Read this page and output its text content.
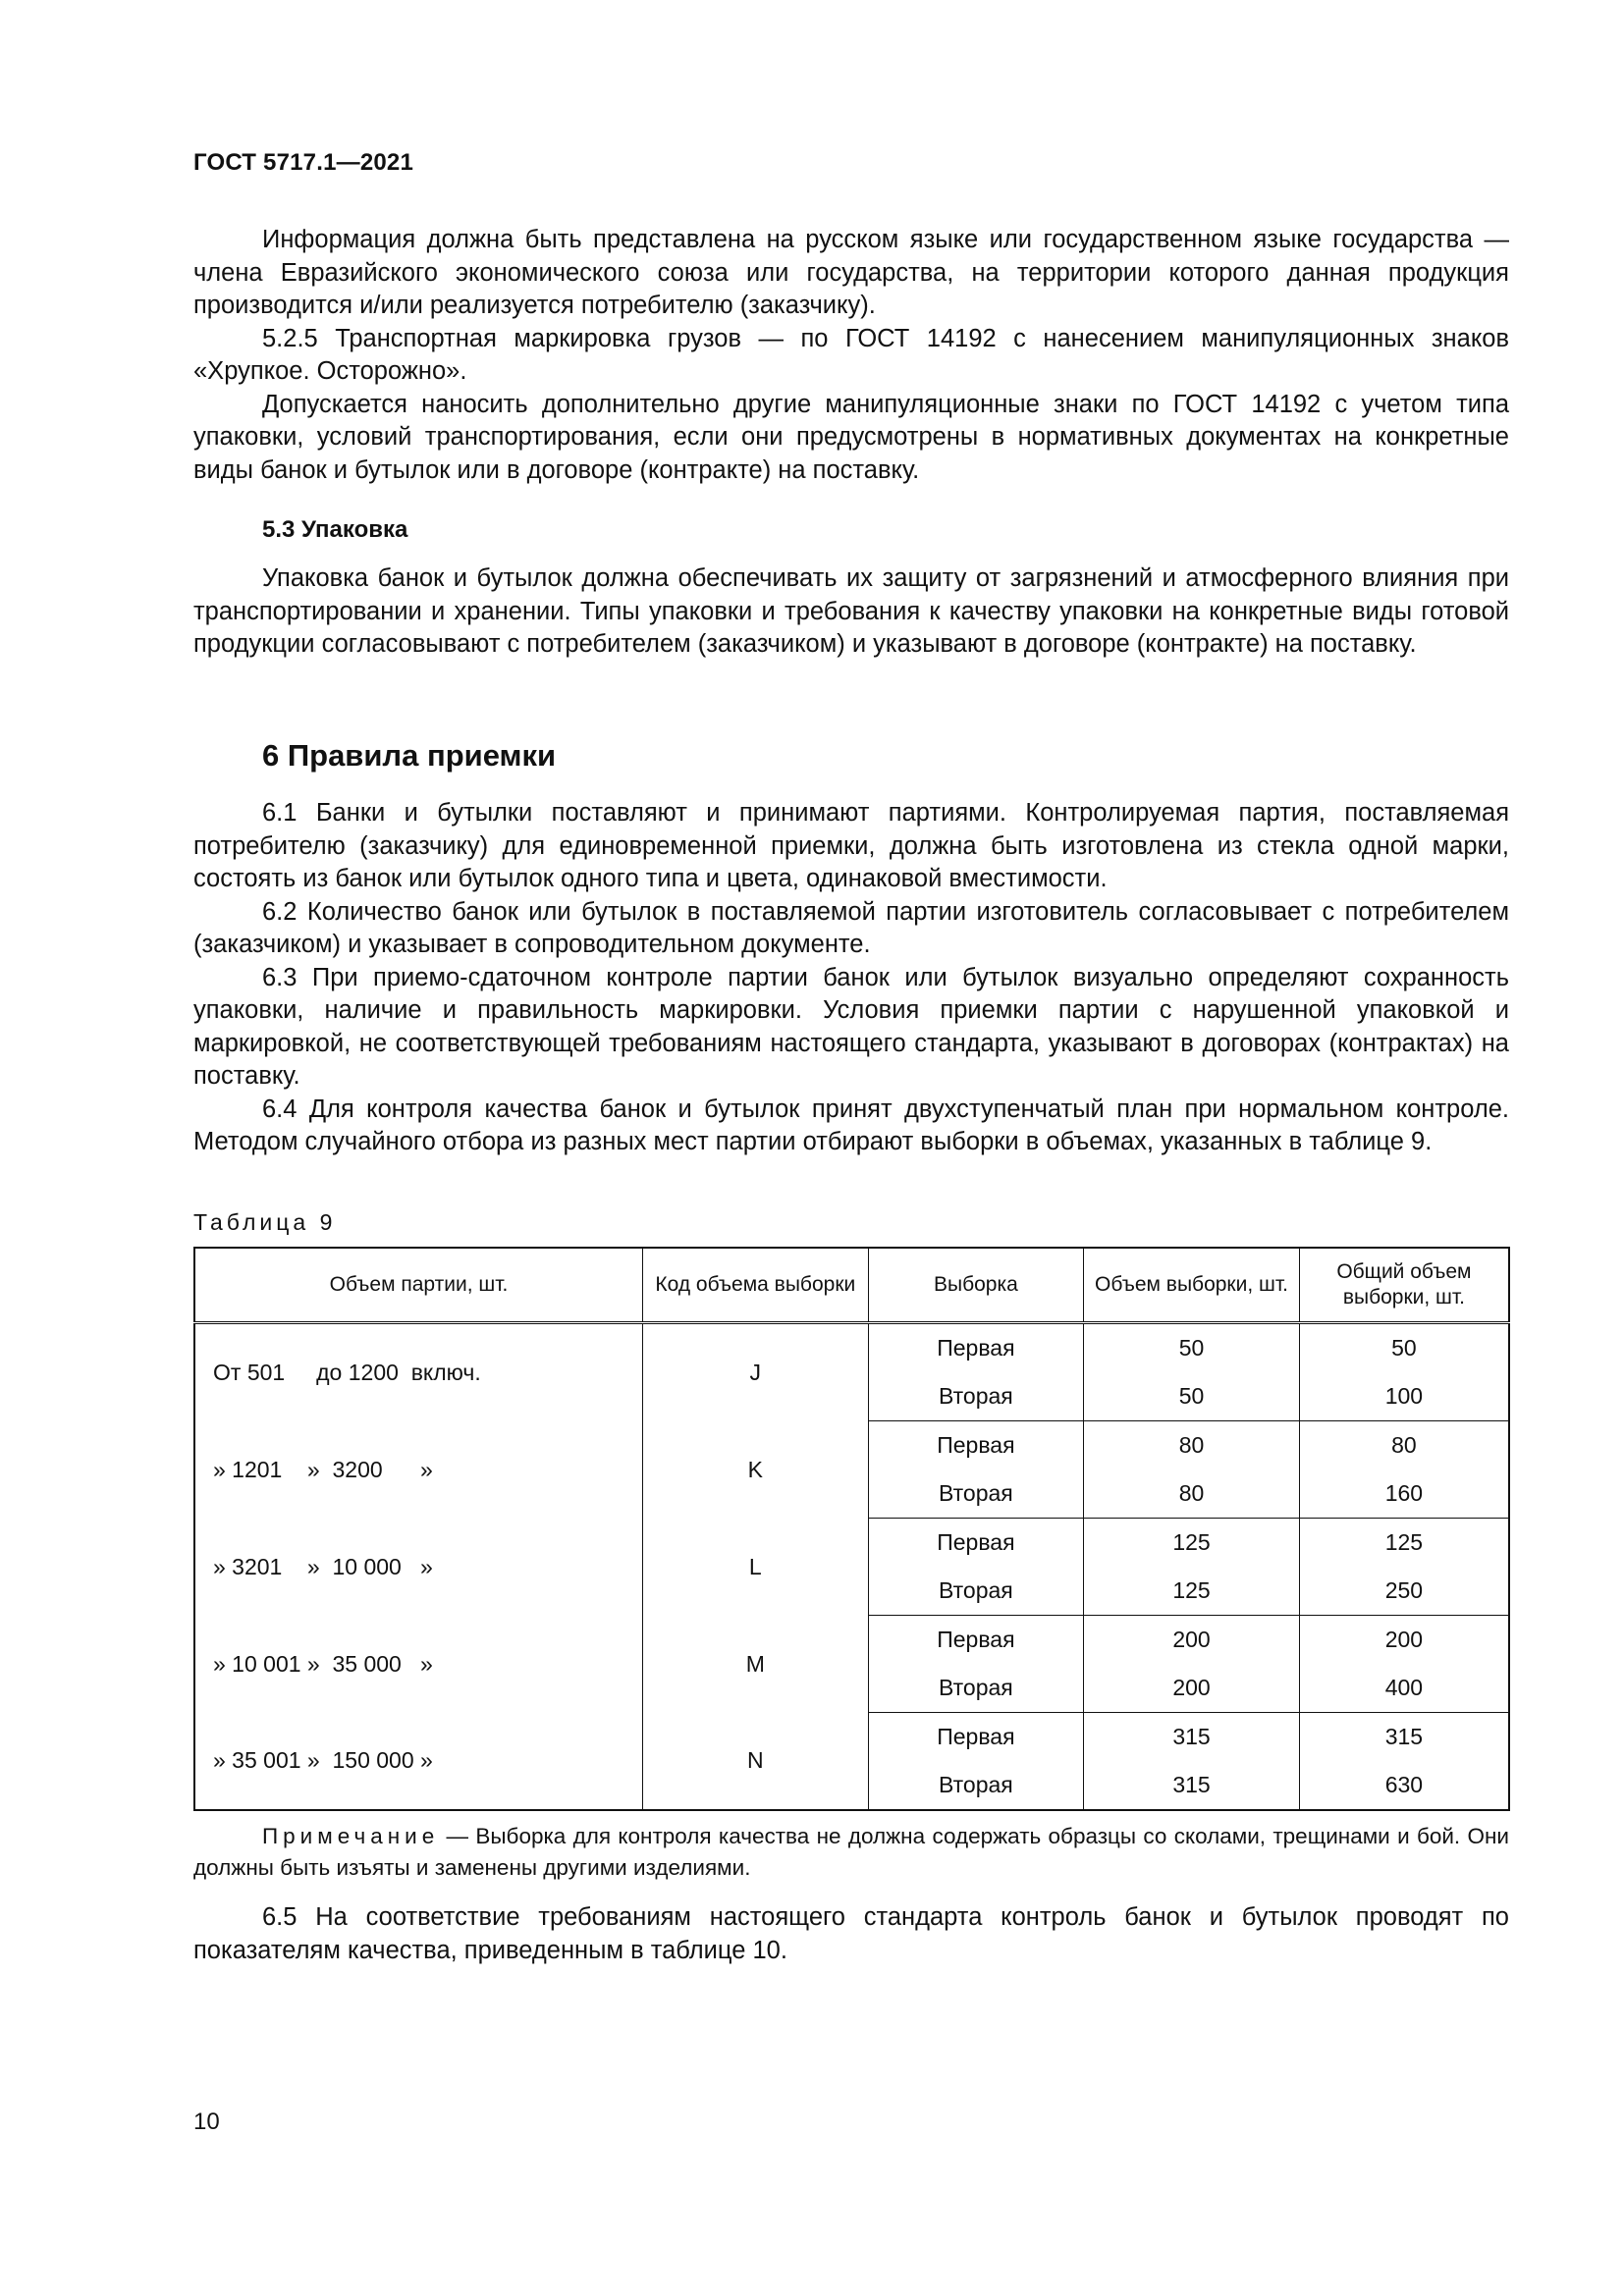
ГОСТ 5717.1—2021

Информация должна быть представлена на русском языке или государственном языке государства — члена Евразийского экономического союза или государства, на территории которого данная продукция производится и/или реализуется потребителю (заказчику).

5.2.5 Транспортная маркировка грузов — по ГОСТ 14192 с нанесением манипуляционных знаков «Хрупкое. Осторожно».

Допускается наносить дополнительно другие манипуляционные знаки по ГОСТ 14192 с учетом типа упаковки, условий транспортирования, если они предусмотрены в нормативных документах на конкретные виды банок и бутылок или в договоре (контракте) на поставку.

5.3 Упаковка

Упаковка банок и бутылок должна обеспечивать их защиту от загрязнений и атмосферного влияния при транспортировании и хранении. Типы упаковки и требования к качеству упаковки на конкретные виды готовой продукции согласовывают с потребителем (заказчиком) и указывают в договоре (контракте) на поставку.

6 Правила приемки

6.1 Банки и бутылки поставляют и принимают партиями. Контролируемая партия, поставляемая потребителю (заказчику) для единовременной приемки, должна быть изготовлена из стекла одной марки, состоять из банок или бутылок одного типа и цвета, одинаковой вместимости.

6.2 Количество банок или бутылок в поставляемой партии изготовитель согласовывает с потребителем (заказчиком) и указывает в сопроводительном документе.

6.3 При приемо-сдаточном контроле партии банок или бутылок визуально определяют сохранность упаковки, наличие и правильность маркировки. Условия приемки партии с нарушенной упаковкой и маркировкой, не соответствующей требованиям настоящего стандарта, указывают в договорах (контрактах) на поставку.

6.4 Для контроля качества банок и бутылок принят двухступенчатый план при нормальном контроле. Методом случайного отбора из разных мест партии отбирают выборки в объемах, указанных в таблице 9.

Таблица 9
Объем партии, шт.	Код объема выборки	Выборка	Объем выборки, шт.	Общий объем выборки, шт.
От 501     до 1200  включ.	J	Первая	50	50
		Вторая	50	100
» 1201    »  3200      »	K	Первая	80	80
		Вторая	80	160
» 3201    »  10 000   »	L	Первая	125	125
		Вторая	125	250
» 10 001 »  35 000   »	M	Первая	200	200
		Вторая	200	400
» 35 001 »  150 000 »	N	Первая	315	315
		Вторая	315	630

Примечание — Выборка для контроля качества не должна содержать образцы со сколами, трещинами и бой. Они должны быть изъяты и заменены другими изделиями.

6.5 На соответствие требованиям настоящего стандарта контроль банок и бутылок проводят по показателям качества, приведенным в таблице 10.

10
